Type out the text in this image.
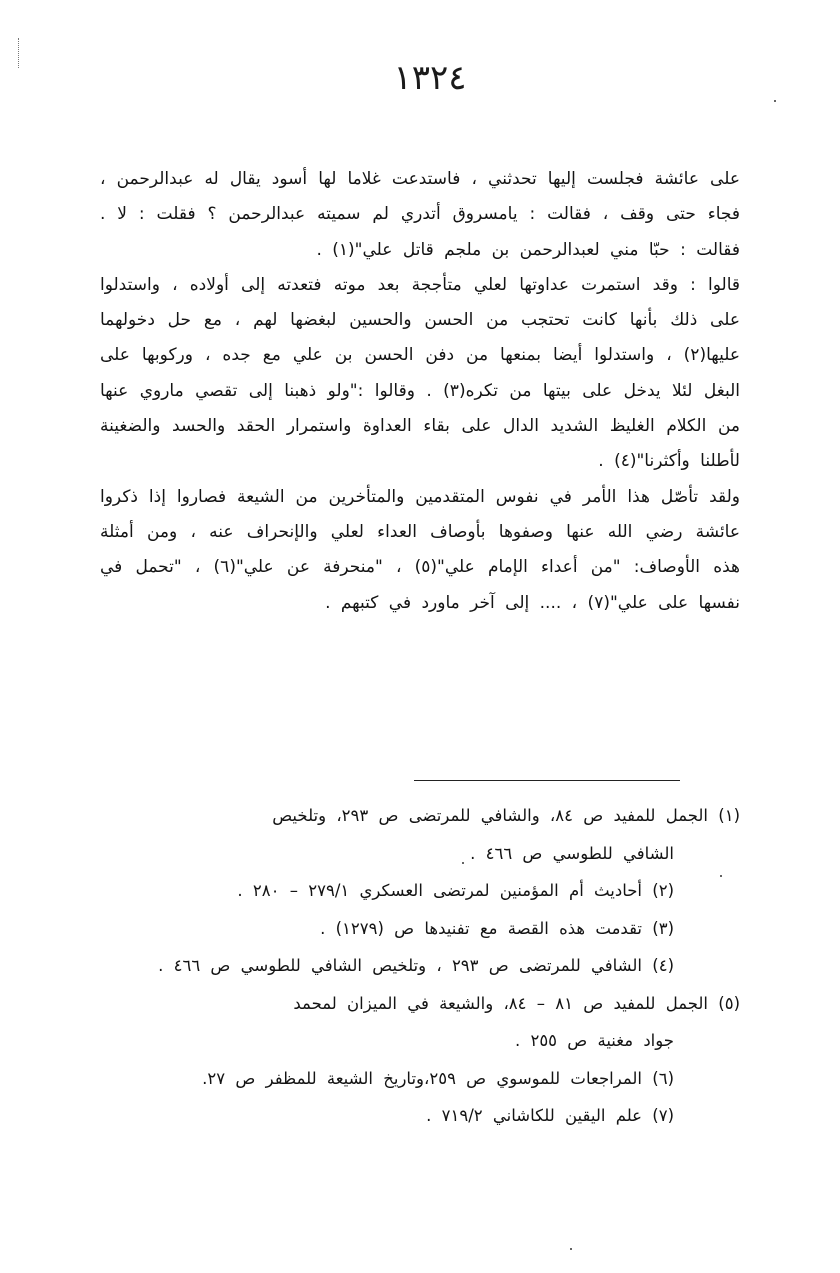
١٣٢٤

على عائشة فجلست إليها تحدثني ، فاستدعت غلاما لها أسود يقال له عبدالرحمن ، فجاء حتى وقف ، فقالت : يامسروق أتدري لم سميته عبدالرحمن ؟ فقلت : لا . فقالت : حبّا مني لعبدالرحمن بن ملجم قاتل علي"(١) .

قالوا : وقد استمرت عداوتها لعلي متأججة بعد موته فتعدته إلى أولاده ، واستدلوا على ذلك بأنها كانت تحتجب من الحسن والحسين لبغضها لهم ، مع حل دخولهما عليها(٢) ، واستدلوا أيضا بمنعها من دفن الحسن بن علي مع جده ، وركوبها على البغل لئلا يدخل على بيتها من تكره(٣) . وقالوا :"ولو ذهبنا إلى تقصي ماروي عنها من الكلام الغليظ الشديد الدال على بقاء العداوة واستمرار الحقد والحسد والضغينة لأطلنا وأكثرنا"(٤) .

ولقد تأصّل هذا الأمر في نفوس المتقدمين والمتأخرين من الشيعة فصاروا إذا ذكروا عائشة رضي الله عنها وصفوها بأوصاف العداء لعلي والإنحراف عنه ، ومن أمثلة هذه الأوصاف: "من أعداء الإمام علي"(٥) ، "منحرفة عن علي"(٦) ، "تحمل في نفسها على علي"(٧) ، .... إلى آخر ماورد في كتبهم .

(١) الجمل للمفيد ص ٨٤، والشافي للمرتضى ص ٢٩٣، وتلخيص
الشافي للطوسي ص ٤٦٦ .

(٢) أحاديث أم المؤمنين لمرتضى العسكري ٢٧٩/١ – ٢٨٠ .

(٣) تقدمت هذه القصة مع تفنيدها ص (١٢٧٩) .

(٤) الشافي للمرتضى ص ٢٩٣ ، وتلخيص الشافي للطوسي ص ٤٦٦ .

(٥) الجمل للمفيد ص ٨١ – ٨٤، والشيعة في الميزان لمحمد
جواد مغنية ص ٢٥٥ .

(٦) المراجعات للموسوي ص ٢٥٩،وتاريخ الشيعة للمظفر ص ٢٧.

(٧) علم اليقين للكاشاني ٧١٩/٢ .
